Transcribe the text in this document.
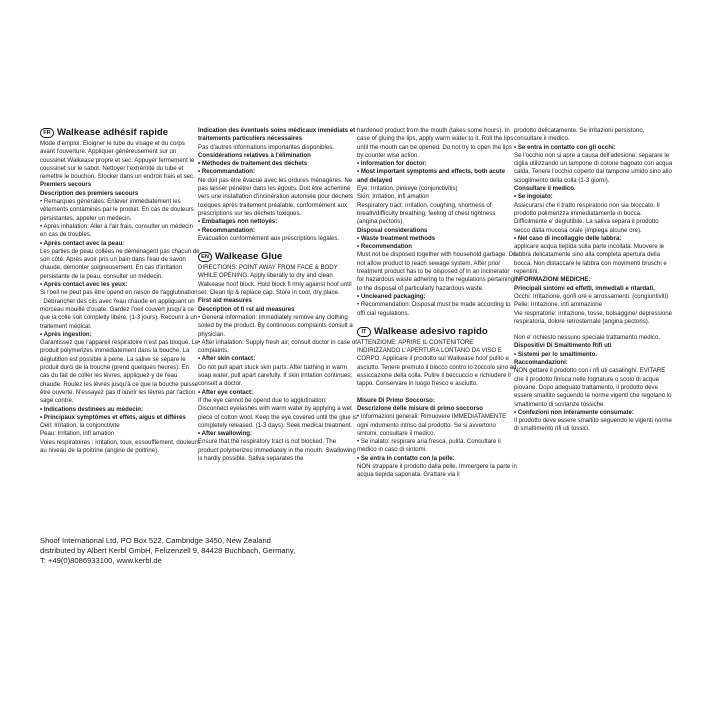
FR Walkease adhésif rapide

Mode d'emploi: Eloigner le tube du visage et du corps avant l'ouverture. Appliquer généreusement sur un coussinet Walkease propre et sec. Appuyer fermement le coussinet sur le sabot. Nettoyer l'extrémité du tube et remettre le bouchon. Stocker dans un endroit frais et sec.

Premiers secours

Description des premiers secours

• Remarques générales: Enlever immédiatement les vêtements contaminés par le produit. En cas de douleurs persistantes, appeler un médecin.

• Après inhalation: Aller à l'air frais, consulter un médecin en cas de troubles.

• Après contact avec la peau:

Les parties de peau collées ne déménagent pas chacun de son côté. Après avoir pris un bain dans l'eau de savon chaude, démonter soigneusement. En cas d'irritation persistante de la peau, consulter un médecin.

• Après contact avec les yeux:

Si l'oeil ne peut pas être opend en raison de l'agglutination : Débrancher des cils avec l'eau chaude en appliquant un morceau mouillé d'ouate. Gardez l'oeil couvert jusqu'à ce que la colle soit completly libéré. (1-3 jours). Recourir à un traitement médical.

• Après ingestion:

Garantissez que l'appareil respiratoire n'est pas bloqué. Le produit polymerizes immédiatement dans la bouche. La déglutition est possible à peine. La salive se sépare le produit durci de la bouche (prend quelques heures). En cas du fait de coller les lèvres, appliquez-y de l'eau chaude. Roulez les lèvres jusqu'à ce que la bouche puisse être ouverte. N'essayez pas d'ouvrir les lèvres par l'action sage contre.

• Indications destinées au médecin:

• Principaux symptômes et effets, aigus et différés

Oeil: Irritation, la conjonctivite

Peau: Irritation, infl amation

Voies respiratoires : irritation, toux, essoufflement, douleurs au niveau de la poitrine (angine de poitrine).

Indication des éventuels soins médicaux immédiats et traitements particuliers nécessaires

Pas d'autres informations importantes disponibles.

Considérations relatives à l'élimination

• Méthodes de traitement des déchets

• Recommandation:

Ne doit pas être évacué avec les ordures ménagères. Ne pas laisser pénétrer dans les égouts. Doit être acheminé vers une installation d'incinération autorisée pour déchets toxiques après traitement préalable, conformément aux prescriptions sur les déchets toxiques.

• Emballages non nettoyés:

• Recommandation:

Evacuation conformément aux prescriptions légales.

EN Walkease Glue

DIRECTIONS: POINT AWAY FROM FACE & BODY WHILE OPENING. Apply liberally to dry and clean Walkease hoof block. Hold block fi rmly against hoof until set. Clean tip & replace cap. Store in cool, dry place.

First aid measures

Description of fi rst aid measures

• General information: Immediately remove any clothing soiled by the product. By continuous complaints consult a physician.

• After inhalation: Supply fresh air; consult doctor in case of complaints.

• After skin contact:

Do not pull apart stuck skin parts. After bathing in warm soap water, pull apart carefully. If skin irritation continues, consult a doctor.

• After eye contact:

If the eye cannot be opend due to agglutination: Disconnect eyelashes with warm water by applying a wet piece of cotton wool. Keep the eye covered until the glue is completely released. (1-3 days). Seek medical treatment.

• After swallowing:

Ensure that the respiratory tract is not blocked. The product polymerizes immediately in the mouth. Swallowing is hardly possible. Saliva separates the

hardened product from the mouth (takes some hours). In case of gluing the lips, apply warm water to it. Roll the lips until the mouth can be opened. Do not try to open the lips by counter wise action.

• Information for doctor:

• Most important symptoms and effects, both acute and delayed

Eye: Irritation, pinkeye (conjunctivitis)

Skin: Irritation, infl amation

Respiratory tract: irritation, coughing, shortness of breath/difficulty breathing, feeling of chest tightness (angina pectoris).

Disposal considerations

• Waste treatment methods

• Recommendation

Must not be disposed together with household garbage. Do not allow product to reach sewage system. After prior treatment product has to be disposed of in an incinerator for hazardous waste adhering to the regulations pertaining to the disposal of particularly hazardous waste.

• Uncleaned packaging:

• Recommendation: Disposal must be made according to offi cial regulations.

IT Walkease adesivo rapido

ATTENZIONE: APRIRE IL CONTENITORE INDIRIZZANDO L'APERTURA LONTANO DA VISO E CORPO. Applicare il prodotto sul Walkease hoof pulito e asciutto. Tenere premuto il blocco contro lo zoccolo sino ad essiccazione della colla. Pulire il beccuccio e richiudere il tappo. Conservare in luogo fresco e asciutto.

Misure Di Primo Soccorso:

Descrizione delle misure di primo soccorso

• Informazioni generali: Rimuovere IMMEDIATAMENTE ogni indumento intriso dal prodotto. Se si avvertono sintomi, consultare il medico.

• Se inalato: respirare aria fresca, pulita. Consultare il medico in caso di sintomi.

• Se entra in contatto con la pelle:

NON strappare il prodotto dalla pelle. Immergere la parte in acqua tiepida saponata. Grattare via il

prodotto delicatamente. Se irritazioni persistono, consultare il medico.

• Se entra in contatto con gli occhi:

Se l'occhio non si apre a causa dell'adesione: separare le ciglia utilizzando un tampone di cotone bagnato con acqua calda. Tenere l'occhio coperto dal tampone umido sino allo scioglimento della colla (1-3 giorni).

Consultare il medico.

• Se ingoiato:

Assicurarsi che il tratto respiratorio non sia bloccato. Il prodotto polimerizza immediatamente in bocca. Difficilmente e' deglutibile. La saliva separa il prodotto secco dalla mucosa orale (impiega alcune ore).

• Nel caso di incollaggio delle labbra:

applicare acqua tiepida sulla parte incollata. Muovere le labbra delicatamente sino alla completa apertura della bocca. Non distaccare le labbra con movimenti bruschi e repentini.

INFORMAZIONI MEDICHE:

Principali sintomi ed effetti, immediati e ritardati.

Occhi: Irritazione, gonfi ore e arrossamenti. (congiuntiviti)

Pelle: Irritazione, infi ammazione

Vie respiratorie: irritazione, tosse, bolsaggine/ depressione respiratoria, dolore retrosternale (angina pectoris).

Non e' richiesto nessuno speciale trattamento medico.

Dispositivi Di Smaltimento Rifi uti

• Sistemi per lo smaltimento.

Raccomandazioni:

NON gettare il prodotto con i rifi uti casalinghi. EVITARE che il prodotto finisca nelle fognature o scolo di acque piovane. Dopo adeguato trattamento, il prodotto deve essere smaltito seguendo le norme vigenti che regolano lo smaltimento di sostanze tossiche.

• Confezioni non interamente consumate:

Il prodotto deve essere smaltito seguendo le vigenti norme di smaltimento rifi uti tossici.

Shoof International Ltd, PO Box 522, Cambridge 3450, New Zealand

distributed by Albert Kerbl GmbH, Felizenzell 9, 84428 Buchbach, Germany,

T: +49(0)8086933100, www.kerbl.de
